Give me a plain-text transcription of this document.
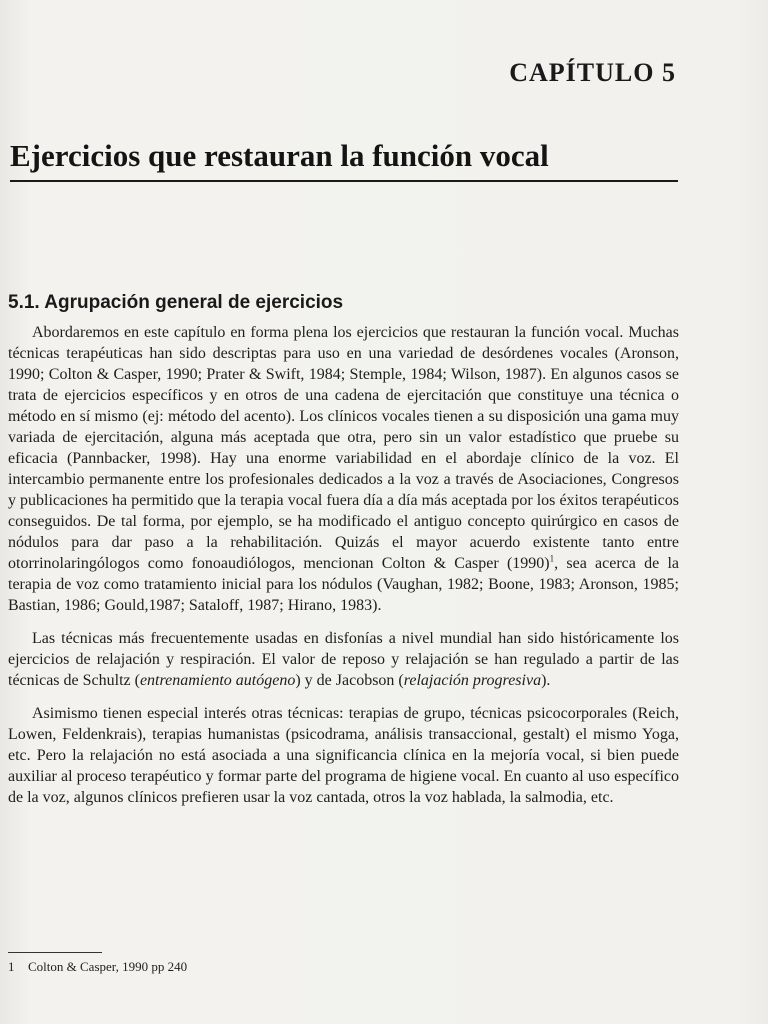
CAPÍTULO 5
Ejercicios que restauran la función vocal
5.1. Agrupación general de ejercicios

Abordaremos en este capítulo en forma plena los ejercicios que restauran la función vocal. Muchas técnicas terapéuticas han sido descriptas para uso en una variedad de desórdenes vocales (Aronson, 1990; Colton & Casper, 1990; Prater & Swift, 1984; Stemple, 1984; Wilson, 1987). En algunos casos se trata de ejercicios específicos y en otros de una cadena de ejercitación que constituye una técnica o método en sí mismo (ej: método del acento). Los clínicos vocales tienen a su disposición una gama muy variada de ejercitación, alguna más aceptada que otra, pero sin un valor estadístico que pruebe su eficacia (Pannbacker, 1998). Hay una enorme variabilidad en el abordaje clínico de la voz. El intercambio permanente entre los profesionales dedicados a la voz a través de Asociaciones, Congresos y publicaciones ha permitido que la terapia vocal fuera día a día más aceptada por los éxitos terapéuticos conseguidos. De tal forma, por ejemplo, se ha modificado el antiguo concepto quirúrgico en casos de nódulos para dar paso a la rehabilitación. Quizás el mayor acuerdo existente tanto entre otorrinolaringólogos como fonoaudiólogos, mencionan Colton & Casper $(1990)^1$, sea acerca de la terapia de voz como tratamiento inicial para los nódulos (Vaughan, 1982; Boone, 1983; Aronson, 1985; Bastian, 1986; Gould,1987; Sataloff, 1987; Hirano, 1983).

Las técnicas más frecuentemente usadas en disfonías a nivel mundial han sido históricamente los ejercicios de relajación y respiración. El valor de reposo y relajación se han regulado a partir de las técnicas de Schultz (entrenamiento autógeno) y de Jacobson (relajación progresiva).

Asimismo tienen especial interés otras técnicas: terapias de grupo, técnicas psicocorporales (Reich, Lowen, Feldenkrais), terapias humanistas (psicodrama, análisis transaccional, gestalt) el mismo Yoga, etc. Pero la relajación no está asociada a una significancia clínica en la mejoría vocal, si bien puede auxiliar al proceso terapéutico y formar parte del programa de higiene vocal. En cuanto al uso específico de la voz, algunos clínicos prefieren usar la voz cantada, otros la voz hablada, la salmodia, etc.

1 Colton & Casper, 1990 pp 240
